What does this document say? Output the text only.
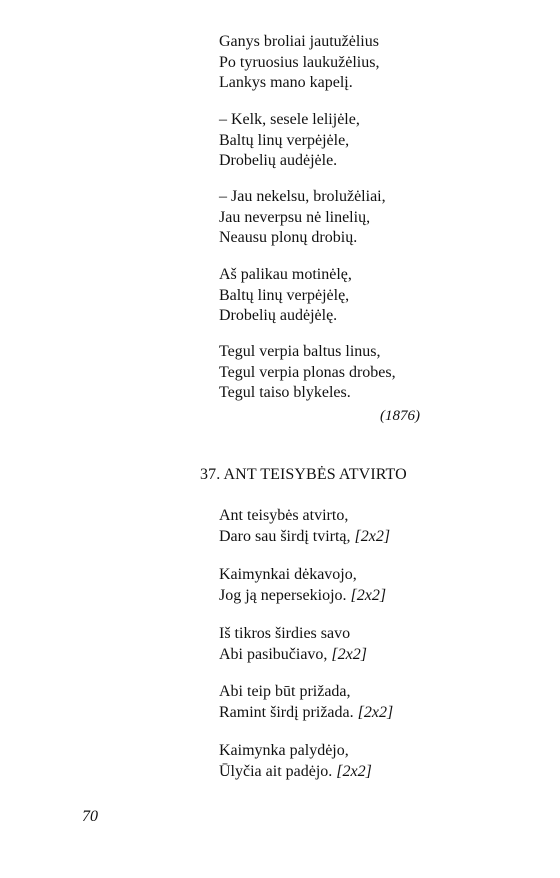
Ganys broliai jautužėlius
Po tyruosius laukužėlius,
Lankys mano kapelį.
– Kelk, sesele lelijėle,
Baltų linų verpėjėle,
Drobelių audėjėle.
– Jau nekelsu, brolužėliai,
Jau neverpsu nė linelių,
Neausu plonų drobių.
Aš palikau motinėlę,
Baltų linų verpėjėlę,
Drobelių audėjėlę.
Tegul verpia baltus linus,
Tegul verpia plonas drobes,
Tegul taiso blykeles.
(1876)
37. ANT TEISYBĖS ATVIRTO
Ant teisybės atvirto,
Daro sau širdį tvirtą, [2x2]
Kaimynkai dėkavojo,
Jog ją nepersekiojo. [2x2]
Iš tikros širdies savo
Abi pasibučiavo, [2x2]
Abi teip būt prižada,
Ramint širdį prižada. [2x2]
Kaimynka palydėjo,
Ūlyčia ait padėjo. [2x2]
70
